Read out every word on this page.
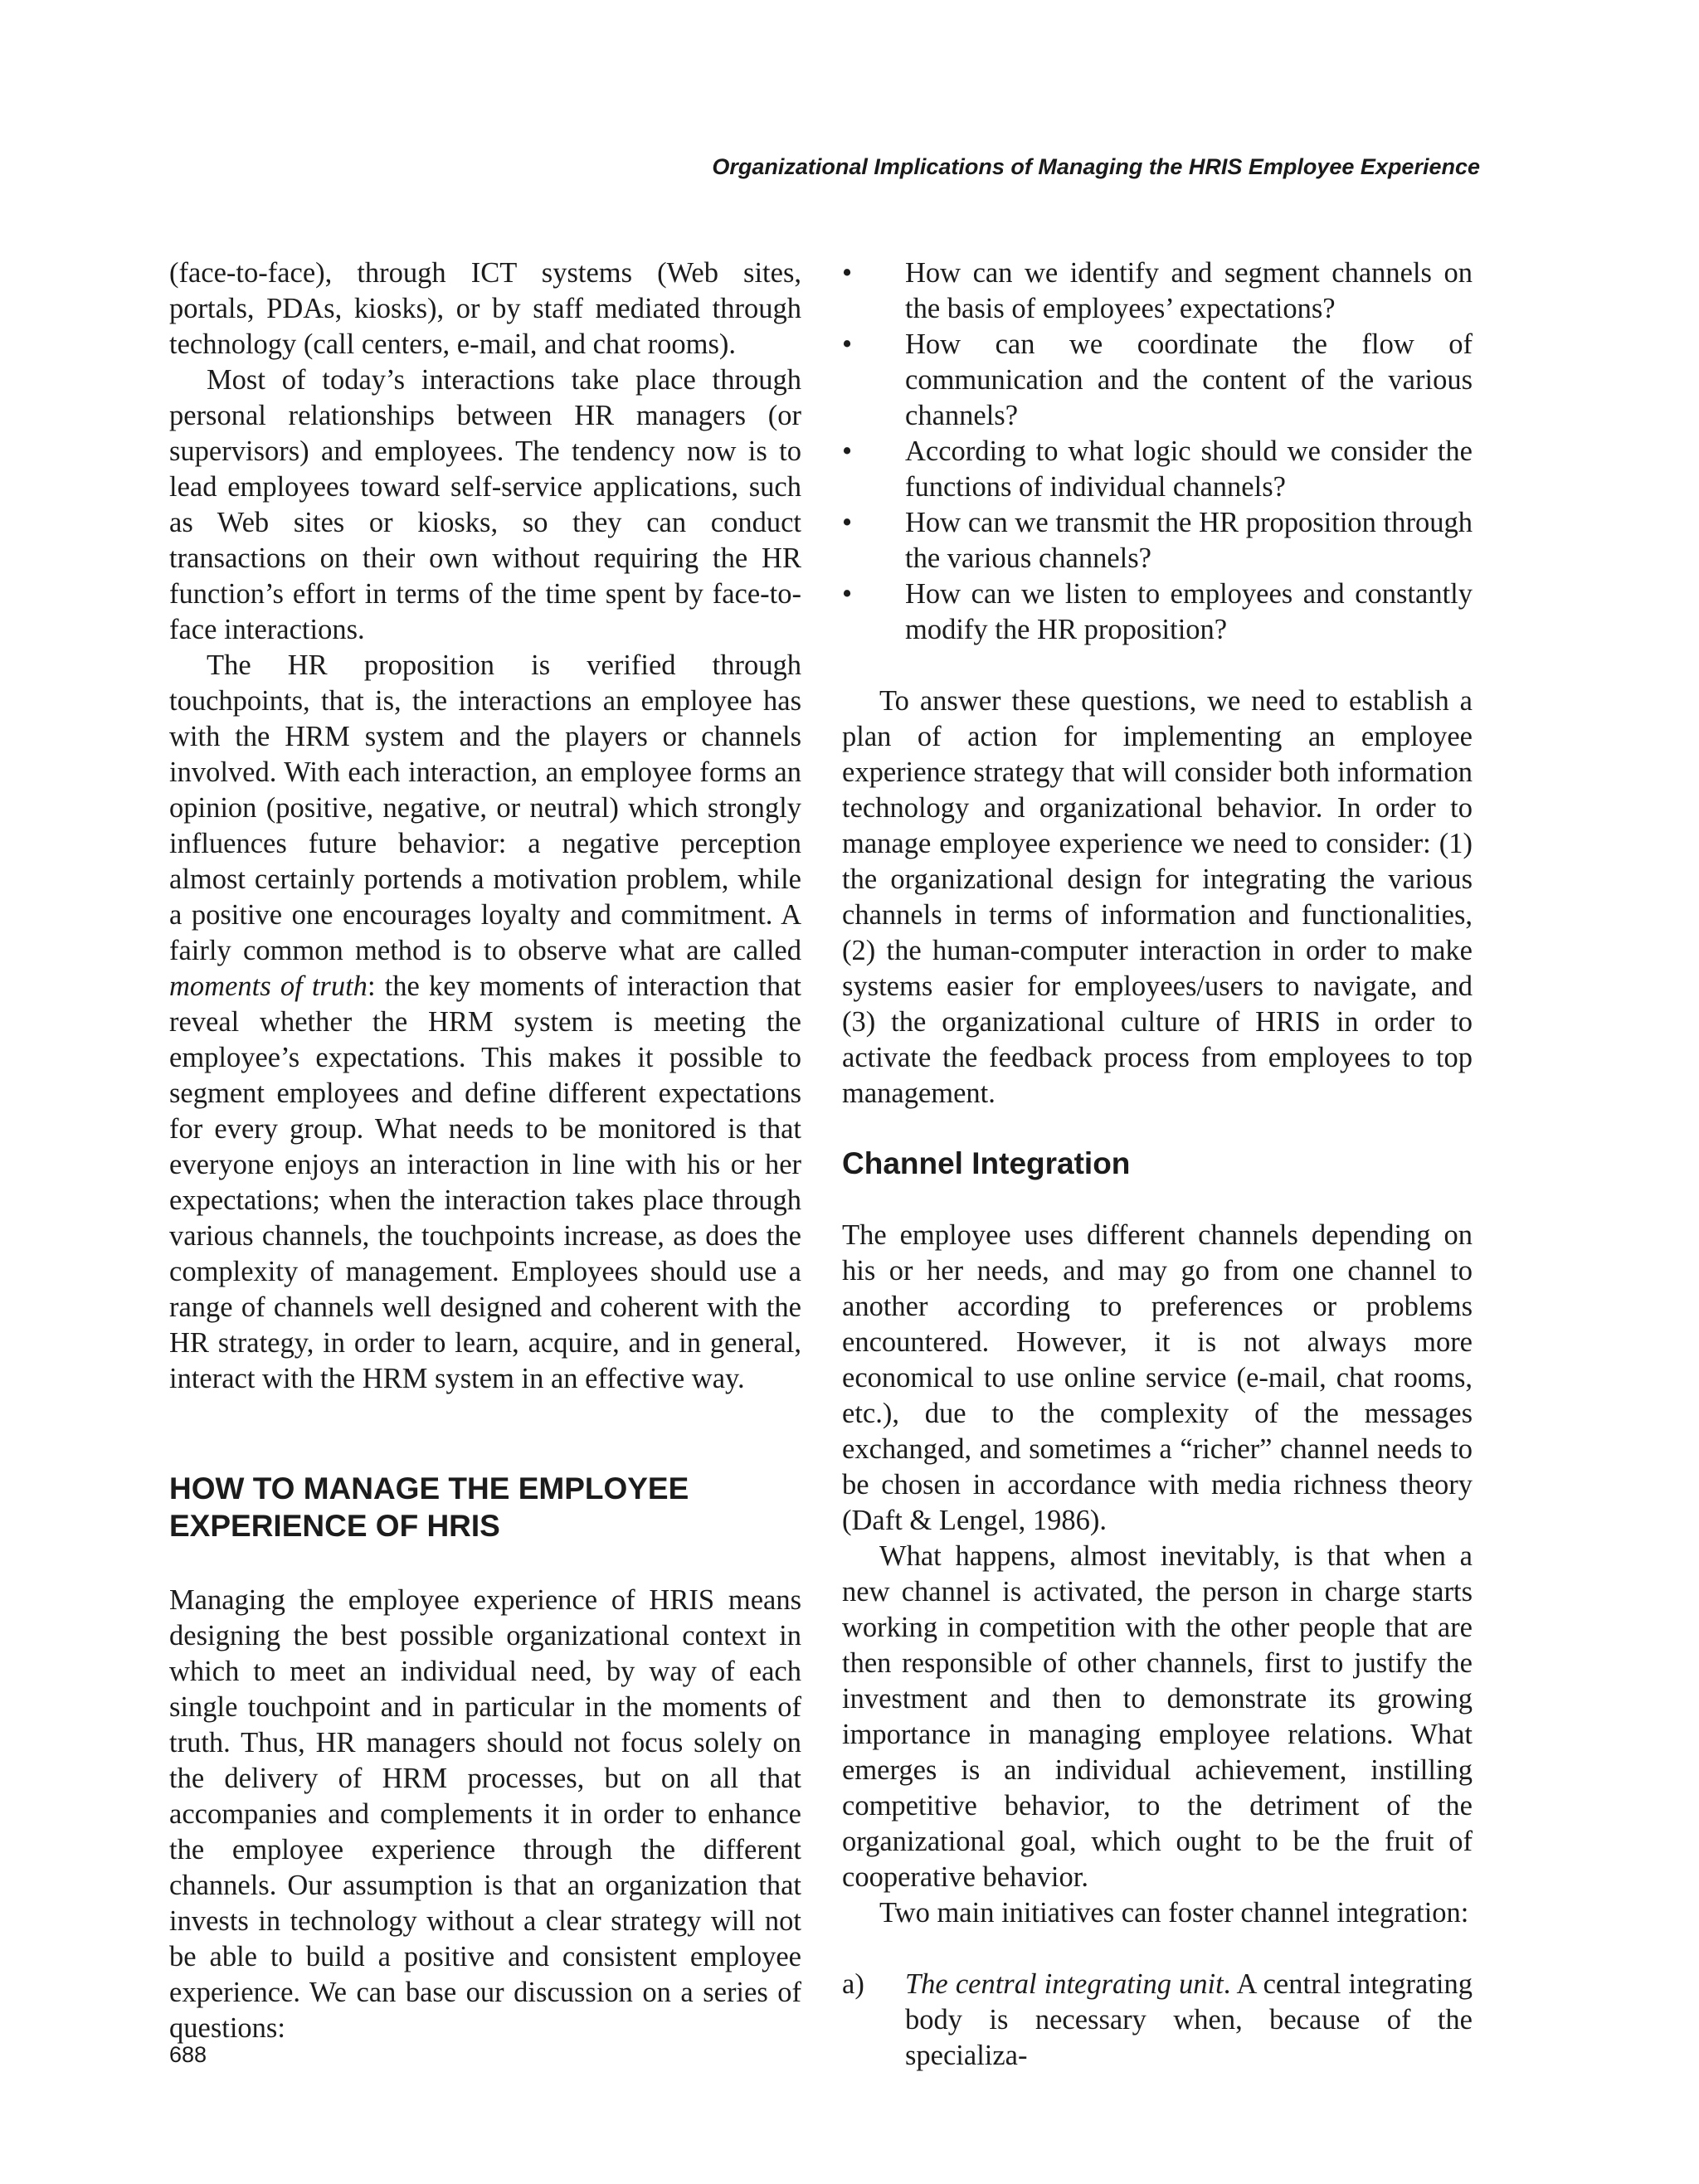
Organizational Implications of Managing the HRIS Employee Experience

(face-to-face), through ICT systems (Web sites, portals, PDAs, kiosks), or by staff mediated through technology (call centers, e-mail, and chat rooms).

Most of today’s interactions take place through personal relationships between HR managers (or supervisors) and employees. The tendency now is to lead employees toward self-service applications, such as Web sites or kiosks, so they can conduct transactions on their own without requiring the HR function’s effort in terms of the time spent by face-to-face interactions.

The HR proposition is verified through touchpoints, that is, the interactions an employee has with the HRM system and the players or channels involved. With each interaction, an employee forms an opinion (positive, negative, or neutral) which strongly influences future behavior: a negative perception almost certainly portends a motivation problem, while a positive one encourages loyalty and commitment. A fairly common method is to observe what are called moments of truth: the key moments of interaction that reveal whether the HRM system is meeting the employee’s expectations. This makes it possible to segment employees and define different expectations for every group. What needs to be monitored is that everyone enjoys an interaction in line with his or her expectations; when the interaction takes place through various channels, the touchpoints increase, as does the complexity of management. Employees should use a range of channels well designed and coherent with the HR strategy, in order to learn, acquire, and in general, interact with the HRM system in an effective way.

HOW TO MANAGE THE EMPLOYEE EXPERIENCE OF HRIS

Managing the employee experience of HRIS means designing the best possible organizational context in which to meet an individual need, by way of each single touchpoint and in particular in the moments of truth. Thus, HR managers should not focus solely on the delivery of HRM processes, but on all that accompanies and complements it in order to enhance the employee experience through the different channels. Our assumption is that an organization that invests in technology without a clear strategy will not be able to build a positive and consistent employee experience. We can base our discussion on a series of questions:

•	How can we identify and segment channels on the basis of employees’ expectations?
•	How can we coordinate the flow of communication and the content of the various channels?
•	According to what logic should we consider the functions of individual channels?
•	How can we transmit the HR proposition through the various channels?
•	How can we listen to employees and constantly modify the HR proposition?

To answer these questions, we need to establish a plan of action for implementing an employee experience strategy that will consider both information technology and organizational behavior. In order to manage employee experience we need to consider: (1) the organizational design for integrating the various channels in terms of information and functionalities, (2) the human-computer interaction in order to make systems easier for employees/users to navigate, and (3) the organizational culture of HRIS in order to activate the feedback process from employees to top management.

Channel Integration

The employee uses different channels depending on his or her needs, and may go from one channel to another according to preferences or problems encountered. However, it is not always more economical to use online service (e-mail, chat rooms, etc.), due to the complexity of the messages exchanged, and sometimes a “richer” channel needs to be chosen in accordance with media richness theory (Daft & Lengel, 1986).

What happens, almost inevitably, is that when a new channel is activated, the person in charge starts working in competition with the other people that are then responsible of other channels, first to justify the investment and then to demonstrate its growing importance in managing employee relations. What emerges is an individual achievement, instilling competitive behavior, to the detriment of the organizational goal, which ought to be the fruit of cooperative behavior.

Two main initiatives can foster channel integration:

a) The central integrating unit. A central integrating body is necessary when, because of the specializa-
688
